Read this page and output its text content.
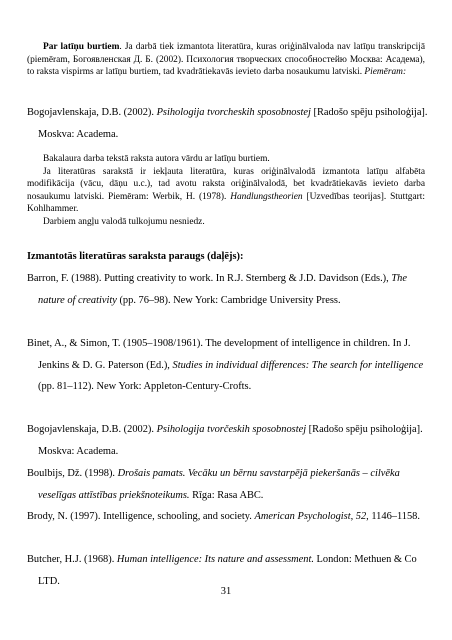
Par latīņu burtiem. Ja darbā tiek izmantota literatūra, kuras oriģinālvaloda nav latīņu transkripcijā (piemēram, Богоявленская Д. Б. (2002). Психология творческих способностейю Москва: Асадема), to raksta vispirms ar latīņu burtiem, tad kvadrātiekavās ievieto darba nosaukumu latviski. Piemēram:

Bogojavlenskaja, D.B. (2002). Psihologija tvorcheskih sposobnostej [Radošo spēju psiholoģija]. Moskva: Academa.

Bakalaura darba tekstā raksta autora vārdu ar latīņu burtiem.
Ja literatūras sarakstā ir iekļauta literatūra, kuras oriģinālvalodā izmantota latīņu alfabēta modifikācija (vācu, dāņu u.c.), tad avotu raksta oriģinālvalodā, bet kvadrātiekavās ievieto darba nosaukumu latviski. Piemēram: Werbik, H. (1978). Handlungstheorien [Uzvedības teorijas]. Stuttgart: Kohlhammer.
Darbiem angļu valodā tulkojumu nesniedz.

Izmantotās literatūras saraksta paraugs (daļējs):

Barron, F. (1988). Putting creativity to work. In R.J. Sternberg & J.D. Davidson (Eds.), The nature of creativity (pp. 76–98). New York: Cambridge University Press.

Binet, A., & Simon, T. (1905–1908/1961). The development of intelligence in children. In J. Jenkins & D. G. Paterson (Ed.), Studies in individual differences: The search for intelligence (pp. 81–112). New York: Appleton-Century-Crofts.

Bogojavlenskaja, D.B. (2002). Psihologija tvorčeskih sposobnostej [Radošo spēju psiholoģija]. Moskva: Academa.

Boulbijs, Dž. (1998). Drošais pamats. Vecāku un bērnu savstarpējā piekeršanās – cilvēka veselīgas attīstības priekšnoteikums. Rīga: Rasa ABC.

Brody, N. (1997). Intelligence, schooling, and society. American Psychologist, 52, 1146–1158.

Butcher, H.J. (1968). Human intelligence: Its nature and assessment. London: Methuen & Co LTD.

31
